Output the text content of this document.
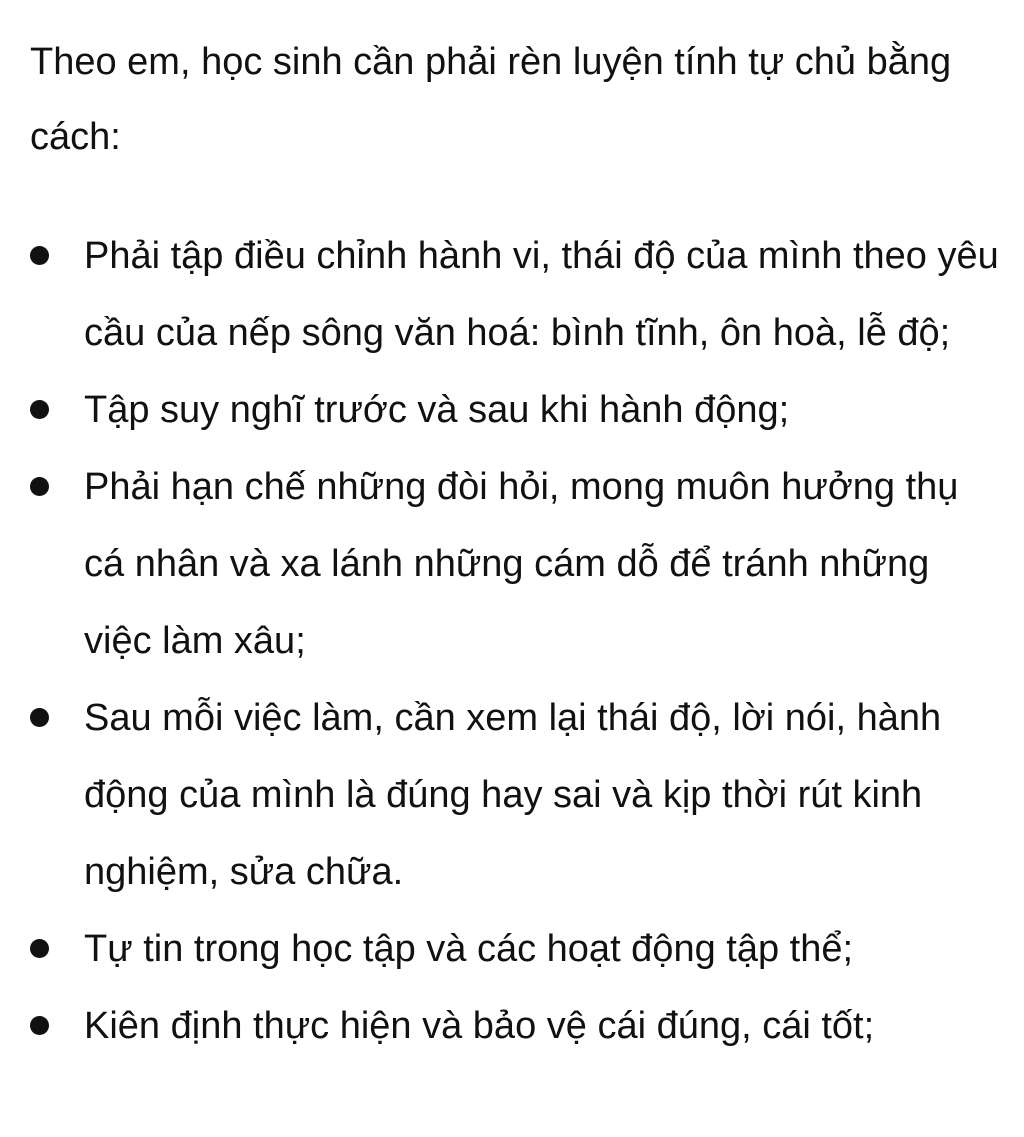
Theo em, học sinh cần phải rèn luyện tính tự chủ bằng cách:

Phải tập điều chỉnh hành vi, thái độ của mình theo yêu cầu của nếp sông văn hoá: bình tĩnh, ôn hoà, lễ độ;
Tập suy nghĩ trước và sau khi hành động;
Phải hạn chế những đòi hỏi, mong muôn hưởng thụ cá nhân và xa lánh những cám dỗ để tránh những việc làm xâu;
Sau mỗi việc làm, cần xem lại thái độ, lời nói, hành động của mình là đúng hay sai và kịp thời rút kinh nghiệm, sửa chữa.
Tự tin trong học tập và các hoạt động tập thể;
Kiên định thực hiện và bảo vệ cái đúng, cái tốt;
